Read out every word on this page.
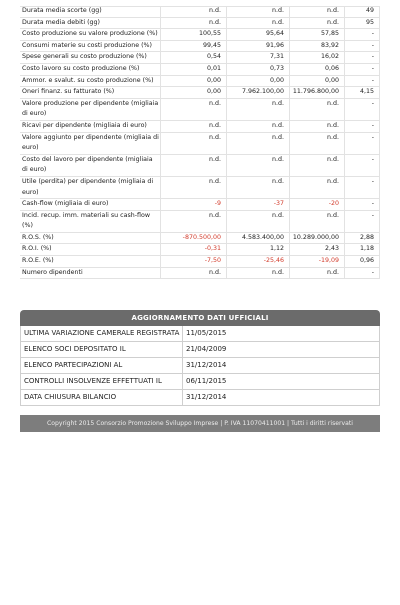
Durata media scorte (gg)	n.d.	n.d.	n.d.	49
Durata media debiti (gg)	n.d.	n.d.	n.d.	95
Costo produzione su valore produzione (%)	100,55	95,64	57,85	-
Consumi materie su costi produzione (%)	99,45	91,96	83,92	-
Spese generali su costo produzione (%)	0,54	7,31	16,02	-
Costo lavoro su costo produzione (%)	0,01	0,73	0,06	-
Ammor. e svalut. su costo produzione (%)	0,00	0,00	0,00	-
Oneri finanz. su fatturato (%)	0,00	7.962.100,00	11.796.800,00	4,15
Valore produzione per dipendente (migliaia di euro)	n.d.	n.d.	n.d.	-
Ricavi per dipendente (migliaia di euro)	n.d.	n.d.	n.d.	-
Valore aggiunto per dipendente (migliaia di euro)	n.d.	n.d.	n.d.	-
Costo del lavoro per dipendente (migliaia di euro)	n.d.	n.d.	n.d.	-
Utile (perdita) per dipendente (migliaia di euro)	n.d.	n.d.	n.d.	-
Cash-flow (migliaia di euro)	-9	-37	-20	-
Incid. recup. imm. materiali su cash-flow (%)	n.d.	n.d.	n.d.	-
R.O.S. (%)	-870.500,00	4.583.400,00	10.289.000,00	2,88
R.O.I. (%)	-0,31	1,12	2,43	1,18
R.O.E. (%)	-7,50	-25,46	-19,09	0,96
Numero dipendenti	n.d.	n.d.	n.d.	-
AGGIORNAMENTO DATI UFFICIALI
ULTIMA VARIAZIONE CAMERALE REGISTRATA 11/05/2015
ELENCO SOCI DEPOSITATO IL	21/04/2009
ELENCO PARTECIPAZIONI AL	31/12/2014
CONTROLLI INSOLVENZE EFFETTUATI IL	06/11/2015
DATA CHIUSURA BILANCIO	31/12/2014
Copyright 2015 Consorzio Promozione Sviluppo Imprese | P. IVA 11070411001 | Tutti i diritti riservati
